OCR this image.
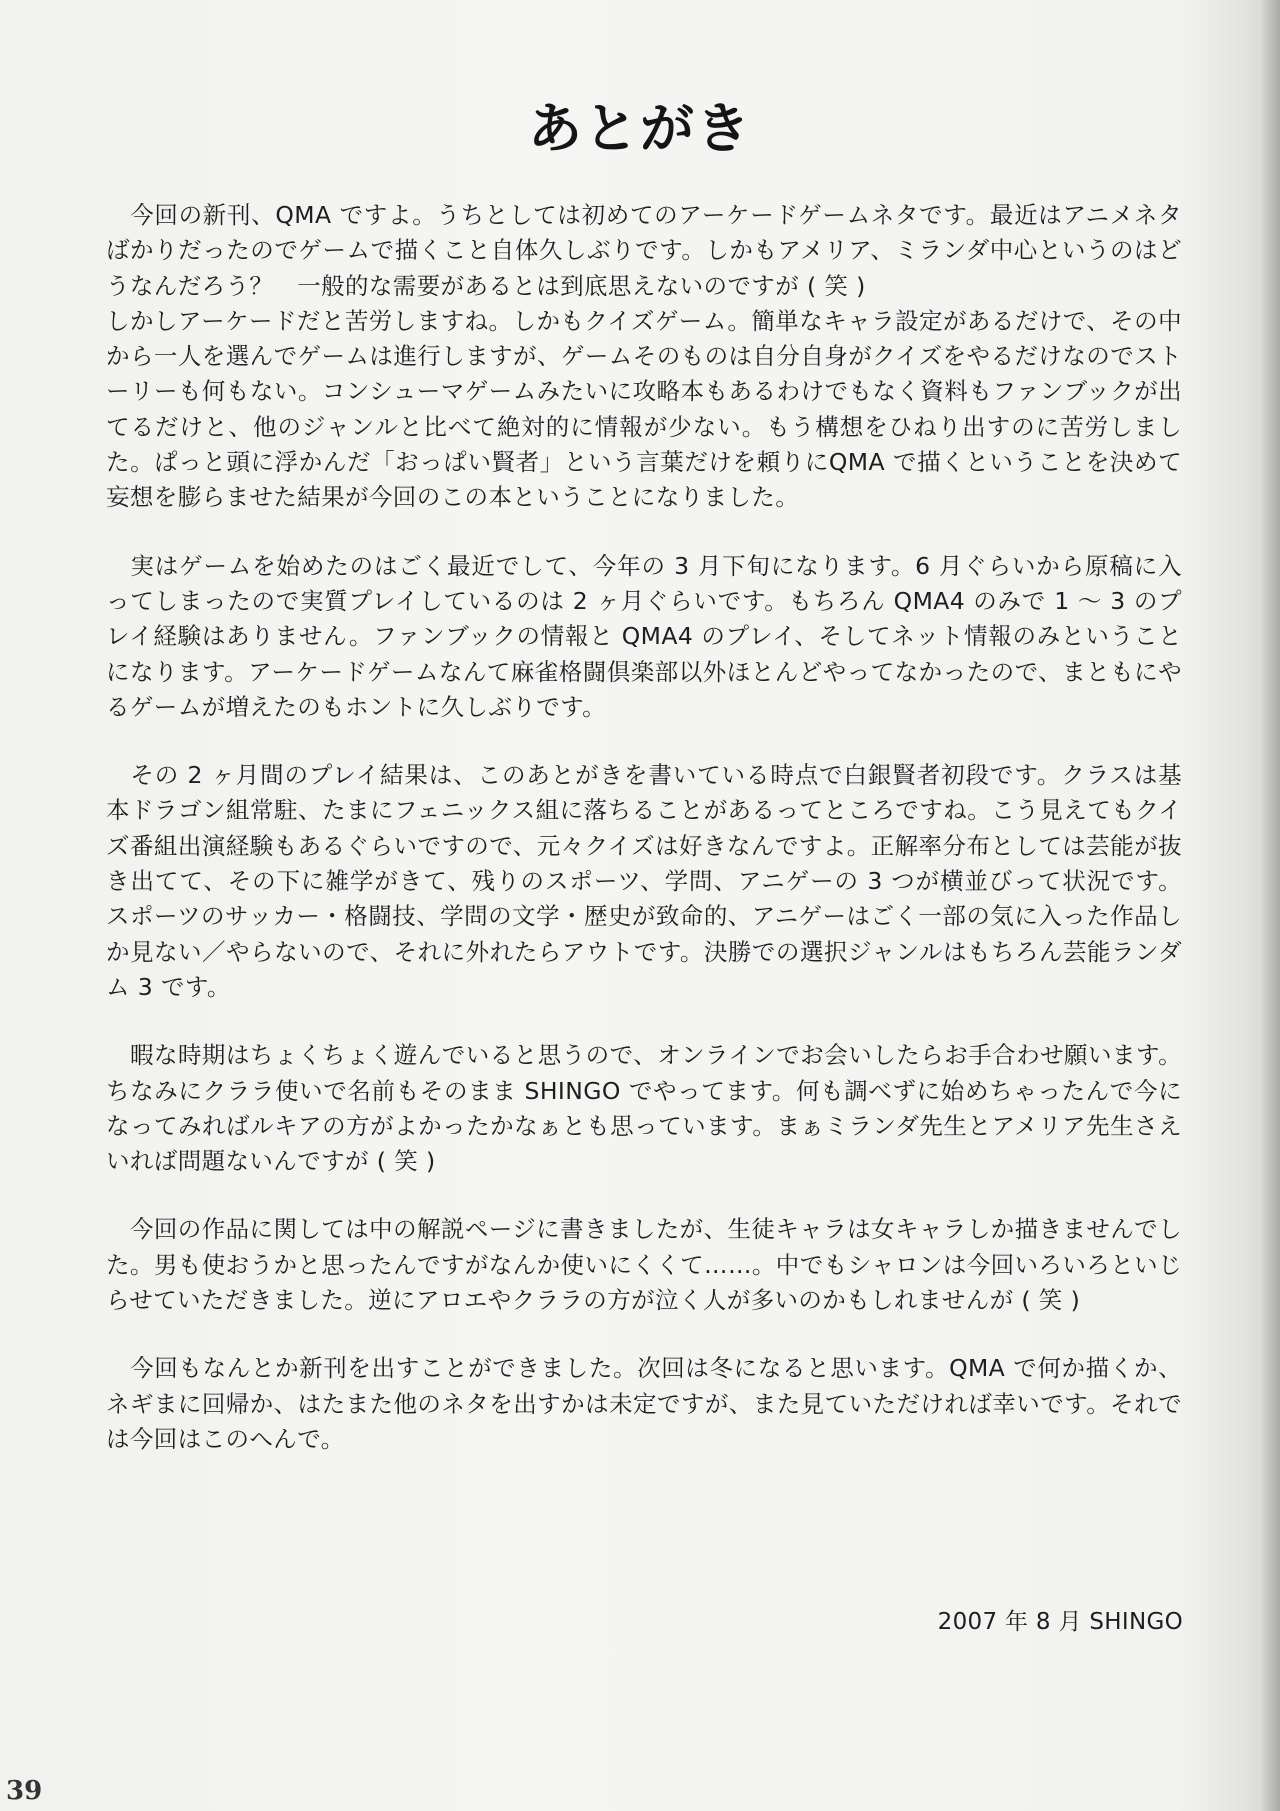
あとがき

　今回の新刊、QMA ですよ。うちとしては初めてのアーケードゲームネタです。最近はアニメネタばかりだったのでゲームで描くこと自体久しぶりです。しかもアメリア、ミランダ中心というのはどうなんだろう？　一般的な需要があるとは到底思えないのですが ( 笑 )
しかしアーケードだと苦労しますね。しかもクイズゲーム。簡単なキャラ設定があるだけで、その中から一人を選んでゲームは進行しますが、ゲームそのものは自分自身がクイズをやるだけなのでストーリーも何もない。コンシューマゲームみたいに攻略本もあるわけでもなく資料もファンブックが出てるだけと、他のジャンルと比べて絶対的に情報が少ない。もう構想をひねり出すのに苦労しました。ぱっと頭に浮かんだ「おっぱい賢者」という言葉だけを頼りにQMA で描くということを決めて妄想を膨らませた結果が今回のこの本ということになりました。

　実はゲームを始めたのはごく最近でして、今年の 3 月下旬になります。6 月ぐらいから原稿に入ってしまったので実質プレイしているのは 2 ヶ月ぐらいです。もちろん QMA4 のみで 1 ～ 3 のプレイ経験はありません。ファンブックの情報と QMA4 のプレイ、そしてネット情報のみということになります。アーケードゲームなんて麻雀格闘倶楽部以外ほとんどやってなかったので、まともにやるゲームが増えたのもホントに久しぶりです。

　その 2 ヶ月間のプレイ結果は、このあとがきを書いている時点で白銀賢者初段です。クラスは基本ドラゴン組常駐、たまにフェニックス組に落ちることがあるってところですね。こう見えてもクイズ番組出演経験もあるぐらいですので、元々クイズは好きなんですよ。正解率分布としては芸能が抜き出てて、その下に雑学がきて、残りのスポーツ、学問、アニゲーの 3 つが横並びって状況です。スポーツのサッカー・格闘技、学問の文学・歴史が致命的、アニゲーはごく一部の気に入った作品しか見ない／やらないので、それに外れたらアウトです。決勝での選択ジャンルはもちろん芸能ランダム 3 です。

　暇な時期はちょくちょく遊んでいると思うので、オンラインでお会いしたらお手合わせ願います。ちなみにクララ使いで名前もそのまま SHINGO でやってます。何も調べずに始めちゃったんで今になってみればルキアの方がよかったかなぁとも思っています。まぁミランダ先生とアメリア先生さえいれば問題ないんですが ( 笑 )

　今回の作品に関しては中の解説ページに書きましたが、生徒キャラは女キャラしか描きませんでした。男も使おうかと思ったんですがなんか使いにくくて……。中でもシャロンは今回いろいろといじらせていただきました。逆にアロエやクララの方が泣く人が多いのかもしれませんが ( 笑 )

　今回もなんとか新刊を出すことができました。次回は冬になると思います。QMA で何か描くか、ネギまに回帰か、はたまた他のネタを出すかは未定ですが、また見ていただければ幸いです。それでは今回はこのへんで。

2007 年 8 月 SHINGO
39
